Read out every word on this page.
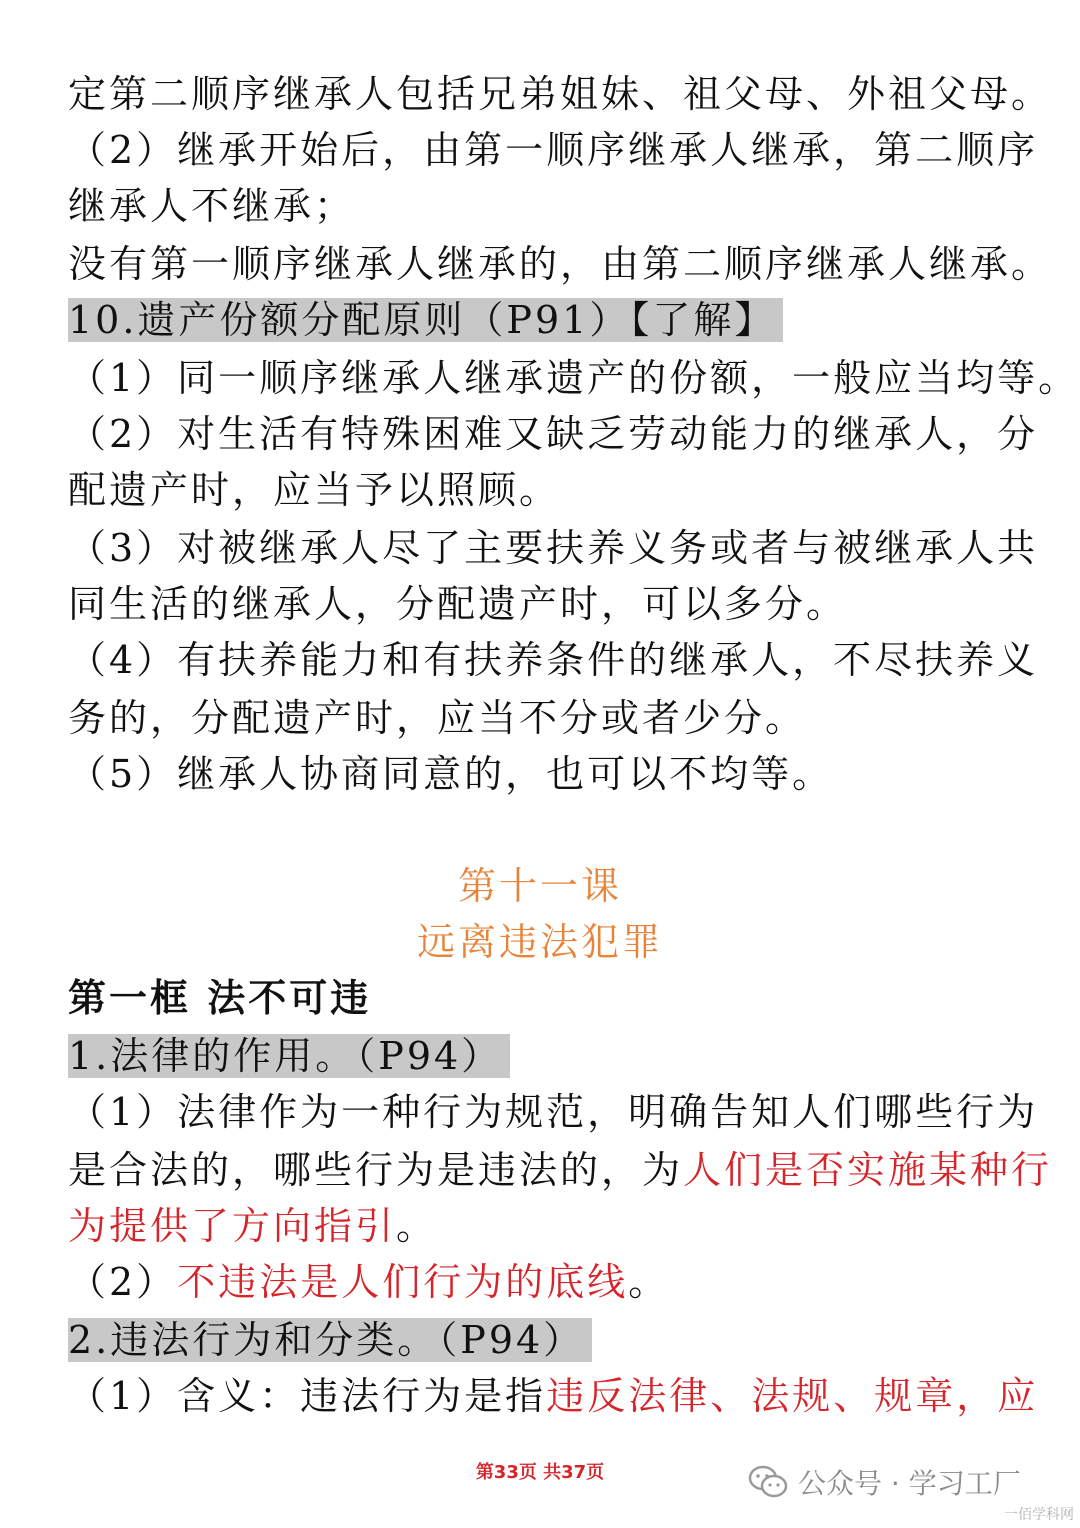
定第二顺序继承人包括兄弟姐妹、祖父母、外祖父母。
（2）继承开始后，由第一顺序继承人继承，第二顺序
继承人不继承；
没有第一顺序继承人继承的，由第二顺序继承人继承。
10.遗产份额分配原则（P91）【了解】
（1）同一顺序继承人继承遗产的份额，一般应当均等。
（2）对生活有特殊困难又缺乏劳动能力的继承人，分
配遗产时，应当予以照顾。
（3）对被继承人尽了主要扶养义务或者与被继承人共
同生活的继承人，分配遗产时，可以多分。
（4）有扶养能力和有扶养条件的继承人，不尽扶养义
务的，分配遗产时，应当不分或者少分。
（5）继承人协商同意的，也可以不均等。
第十一课
远离违法犯罪
第一框 法不可违
1.法律的作用。（P94）
（1）法律作为一种行为规范，明确告知人们哪些行为
是合法的，哪些行为是违法的，为人们是否实施某种行
为提供了方向指引。
（2）不违法是人们行为的底线。
2.违法行为和分类。（P94）
（1）含义：违法行为是指违反法律、法规、规章，应
第33页 共37页	公众号 · 学习工厂
一佰学科网
